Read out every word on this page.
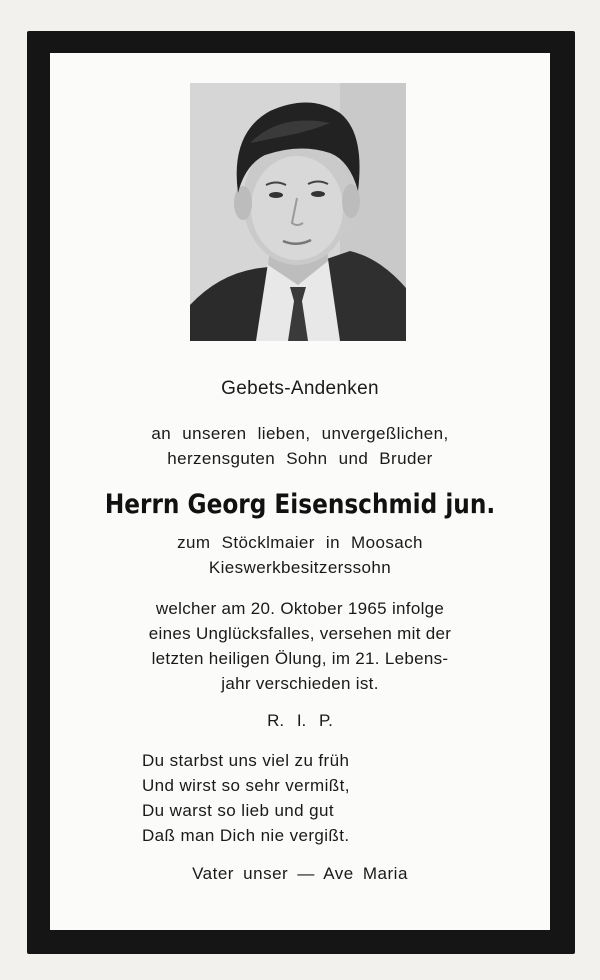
Gebets-Andenken
an unseren lieben, unvergeßlichen,
herzensguten Sohn und Bruder
Herrn Georg Eisenschmid jun.
zum Stöcklmaier in Moosach
Kieswerkbesitzerssohn
welcher am 20. Oktober 1965 infolge
eines Unglücksfalles, versehen mit der
letzten heiligen Ölung, im 21. Lebens-
jahr verschieden ist.
R. I. P.
Du starbst uns viel zu früh
Und wirst so sehr vermißt,
Du warst so lieb und gut
Daß man Dich nie vergißt.
Vater unser — Ave Maria
